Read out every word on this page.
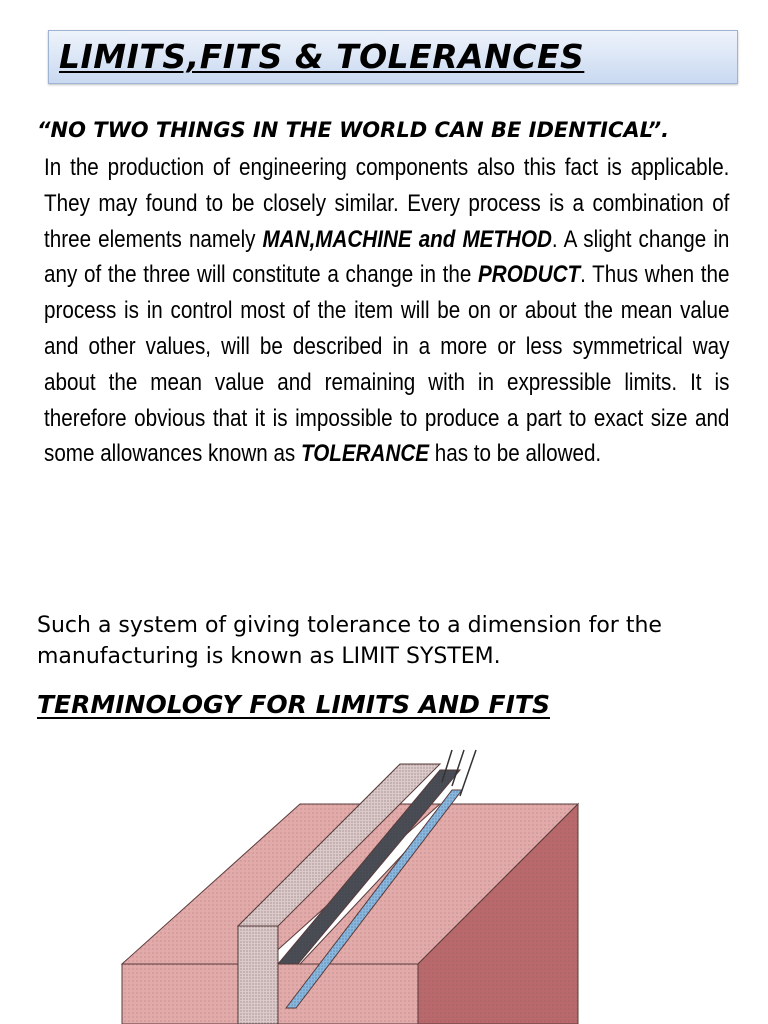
LIMITS,FITS & TOLERANCES

“NO TWO THINGS IN THE WORLD CAN BE IDENTICAL”.

In the production of engineering components also this fact is applicable. They may found to be closely similar. Every process is a combination of three elements namely MAN,MACHINE and METHOD. A slight change in any of the three will constitute a change in the PRODUCT. Thus when the process is in control most of the item will be on or about the mean value and other values, will be described in a more or less symmetrical way about the mean value and remaining with in expressible limits. It is therefore obvious that it is impossible to produce a part to exact size and some allowances known as TOLERANCE has to be allowed.

Such a system of giving tolerance to a dimension for the manufacturing is known as LIMIT SYSTEM.

TERMINOLOGY FOR LIMITS AND FITS
